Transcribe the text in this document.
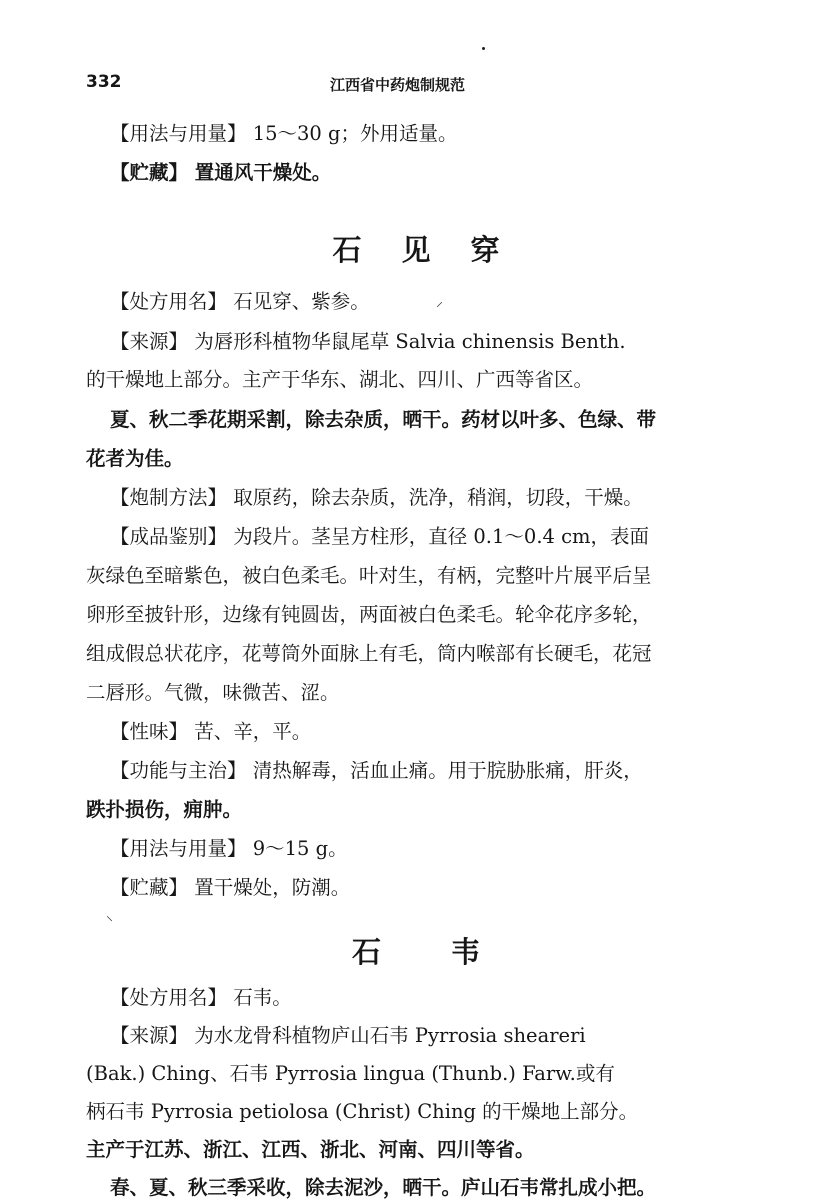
332	江西省中药炮制规范
【用法与用量】 15～30 g；外用适量。
【贮藏】 置通风干燥处。
石见穿
【处方用名】 石见穿、紫参。	⸝
【来源】 为唇形科植物华鼠尾草 Salvia chinensis Benth.
的干燥地上部分。主产于华东、湖北、四川、广西等省区。
夏、秋二季花期采割，除去杂质，晒干。药材以叶多、色绿、带
花者为佳。
【炮制方法】 取原药，除去杂质，洗净，稍润，切段，干燥。
【成品鉴别】 为段片。茎呈方柱形，直径 0.1～0.4 cm，表面
灰绿色至暗紫色，被白色柔毛。叶对生，有柄，完整叶片展平后呈
卵形至披针形，边缘有钝圆齿，两面被白色柔毛。轮伞花序多轮，
组成假总状花序，花萼筒外面脉上有毛，筒内喉部有长硬毛，花冠
二唇形。气微，味微苦、涩。
【性味】 苦、辛，平。
【功能与主治】 清热解毒，活血止痛。用于脘胁胀痛，肝炎，
跌扑损伤，痈肿。
【用法与用量】 9～15 g。
【贮藏】 置干燥处，防潮。
⸌
石韦
【处方用名】 石韦。
【来源】 为水龙骨科植物庐山石韦 Pyrrosia sheareri
(Bak.) Ching、石韦 Pyrrosia lingua (Thunb.) Farw.或有
柄石韦 Pyrrosia petiolosa (Christ) Ching 的干燥地上部分。
主产于江苏、浙江、江西、浙北、河南、四川等省。
春、夏、秋三季采收，除去泥沙，晒干。庐山石韦常扎成小把。
